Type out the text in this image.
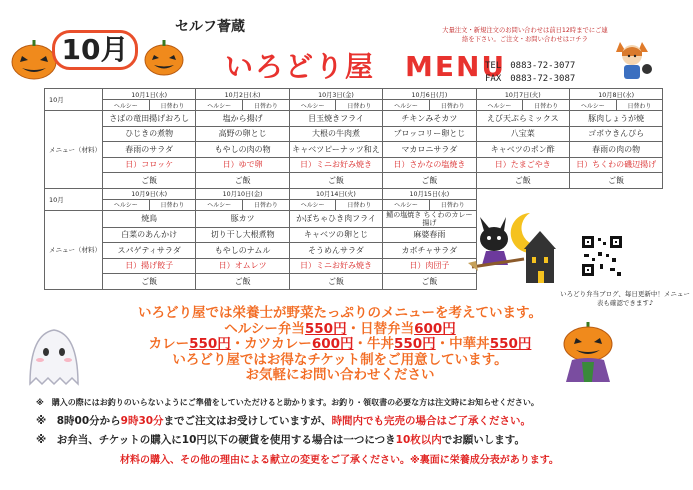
10月
セルフ薈蔵
いろどり屋　MENU
大量注文・新規注文のお問い合わせは前日12時までにご連絡を下さい。ご注文・お問い合わせはコチラ
TEL　0883-72-3077
FAX　0883-72-3087
10月	10月1日(水)		10月2日(木)		10月3日(金)		10月6日(月)		10月7日(火)		10月8日(水)	
	ヘルシー	日替わり	ヘルシー	日替わり	ヘルシー	日替わり	ヘルシー	日替わり	ヘルシー	日替わり	ヘルシー	日替わり
メニュー（材料）	さばの竜田揚げおろし		塩から揚げ		目玉焼きフライ		チキンみそカツ		えび天ぷらミックス		豚肉しょうが焼	
	ひじきの煮物		高野の卵とじ		大根の牛肉煮		ブロッコリー卵とじ		八宝菜		ゴボウきんぴら	
	春雨のサラダ		もやしの肉の物		キャベツピーナッツ和え		マカロニサラダ		キャベツのポン酢		春雨の肉の物	
	日）コロッケ		日）ゆで卵		日）ミニお好み焼き		日）さかなの塩焼き		日）たまごやき		日）ちくわの磯辺揚げ	
	ご飯		ご飯		ご飯		ご飯		ご飯		ご飯	
10月	10月9日(木)		10月10日(金)		10月14日(火)		10月15日(水)					
	ヘルシー	日替わり	ヘルシー	日替わり	ヘルシー	日替わり	ヘルシー	日替わり				
メニュー（材料）	焼鳥		豚カツ		かぼちゃひき肉フライ		鯖の塩焼き ちくわのカレー揚げ					
	白菜のあんかけ		切り干し大根煮物		キャベツの卵とじ		麻婆春雨					
	スパゲティサラダ		もやしのナムル		そうめんサラダ		カボチャサラダ					
	日）揚げ餃子		日）オムレツ		日）ミニお好み焼き		日）肉団子					
	ご飯		ご飯		ご飯		ご飯					
いろどり弁当ブログ、毎日更新中！メニュー表も確認できます♪
いろどり屋では栄養士が野菜たっぷりのメニューを考えています。
ヘルシー弁当550円・日替弁当600円
カレー550円・カツカレー600円・牛丼550円・中華丼550円
いろどり屋ではお得なチケット制をご用意しています。
お気軽にお問い合わせください
※　購入の際にはお釣りのいらないようにご準備をしていただけると助かります。お釣り・領収書の必要な方は注文時にお知らせください。
※　8時00分から9時30分までご注文はお受けしていますが、時間内でも完売の場合はご了承ください。
※　お弁当、チケットの購入に10円以下の硬貨を使用する場合は一つにつき10枚以内でお願いします。
材料の購入、その他の理由による献立の変更をご了承ください。※裏面に栄養成分表があります。
